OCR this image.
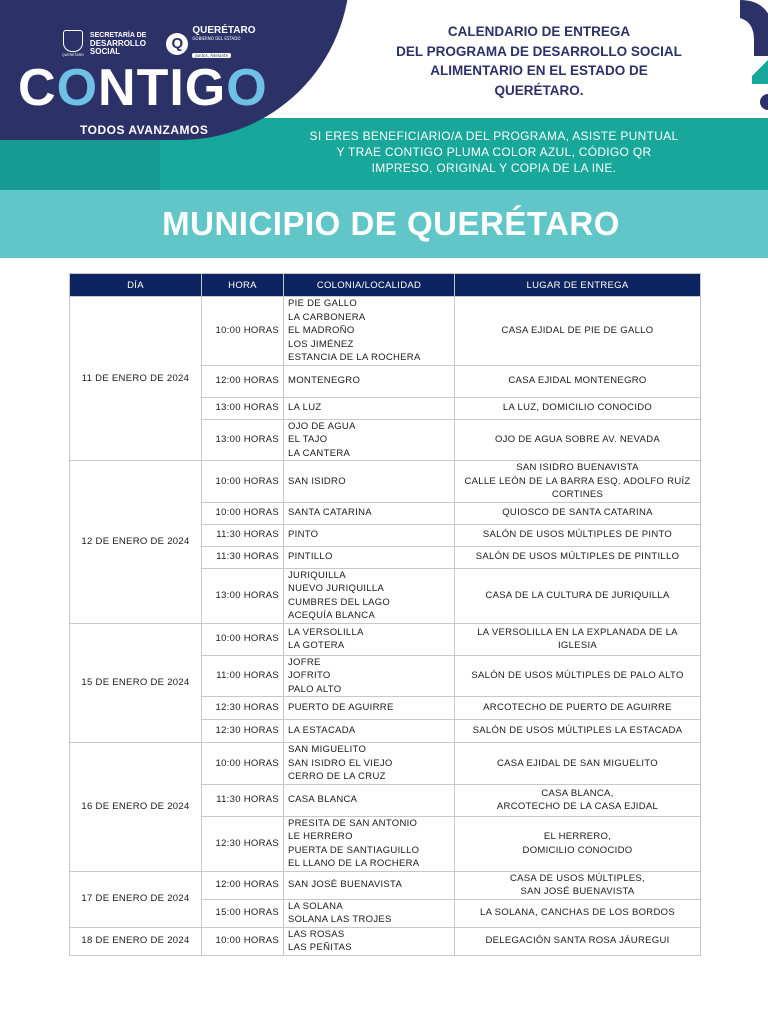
QUERÉTARO
SECRETARÍA DE
DESARROLLO
SOCIAL	Q
QUERÉTARO
GOBIERNO DEL ESTADO
Juntos, Adelante
CONTIGO
TODOS AVANZAMOS
CALENDARIO DE ENTREGA
DEL PROGRAMA DE DESARROLLO SOCIAL
ALIMENTARIO EN EL ESTADO DE
QUERÉTARO.
SI ERES BENEFICIARIO/A DEL PROGRAMA, ASISTE PUNTUAL
Y TRAE CONTIGO PLUMA COLOR AZUL, CÓDIGO QR
IMPRESO, ORIGINAL Y COPIA DE LA INE.
MUNICIPIO DE QUERÉTARO
DÍA	HORA	COLONIA/LOCALIDAD	LUGAR DE ENTREGA
11 DE ENERO DE 2024	10:00 HORAS	PIE DE GALLO
LA CARBONERA
EL MADROÑO
LOS JIMÉNEZ
ESTANCIA DE LA ROCHERA	CASA EJIDAL DE PIE DE GALLO

	12:00 HORAS	MONTENEGRO	CASA EJIDAL MONTENEGRO

	13:00 HORAS	LA LUZ	LA LUZ, DOMICILIO CONOCIDO

	13:00 HORAS	OJO DE AGUA
EL TAJO
LA CANTERA	OJO DE AGUA SOBRE AV. NEVADA

12 DE ENERO DE 2024	10:00 HORAS	SAN ISIDRO	SAN ISIDRO BUENAVISTA
CALLE LEÓN DE LA BARRA ESQ. ADOLFO RUÍZ
CORTINES

	10:00 HORAS	SANTA CATARINA	QUIOSCO DE SANTA CATARINA

	11:30 HORAS	PINTO	SALÓN DE USOS MÚLTIPLES DE PINTO

	11:30 HORAS	PINTILLO	SALÓN DE USOS MÚLTIPLES DE PINTILLO

	13:00 HORAS	JURIQUILLA
NUEVO JURIQUILLA
CUMBRES DEL LAGO
ACEQUÍA BLANCA	CASA DE LA CULTURA DE JURIQUILLA

15 DE ENERO DE 2024	10:00 HORAS	LA VERSOLILLA
LA GOTERA	LA VERSOLILLA EN LA EXPLANADA DE LA
IGLESIA

	11:00 HORAS	JOFRE
JOFRITO
PALO ALTO	SALÓN DE USOS MÚLTIPLES DE PALO ALTO

	12:30 HORAS	PUERTO DE AGUIRRE	ARCOTECHO DE PUERTO DE AGUIRRE

	12:30 HORAS	LA ESTACADA	SALÓN DE USOS MÚLTIPLES LA ESTACADA

16 DE ENERO DE 2024	10:00 HORAS	SAN MIGUELITO
SAN ISIDRO EL VIEJO
CERRO DE LA CRUZ	CASA EJIDAL DE SAN MIGUELITO

	11:30 HORAS	CASA BLANCA	CASA BLANCA,
ARCOTECHO DE LA CASA EJIDAL

	12:30 HORAS	PRESITA DE SAN ANTONIO
LE HERRERO
PUERTA DE SANTIAGUILLO
EL LLANO DE LA ROCHERA	EL HERRERO,
DOMICILIO CONOCIDO

17 DE ENERO DE 2024	12:00 HORAS	SAN JOSÉ BUENAVISTA	CASA DE USOS MÚLTIPLES,
SAN JOSÉ BUENAVISTA

	15:00 HORAS	LA SOLANA
SOLANA LAS TROJES	LA SOLANA, CANCHAS DE LOS BORDOS

18 DE ENERO DE 2024	10:00 HORAS	LAS ROSAS
LAS PEÑITAS	DELEGACIÓN SANTA ROSA JÁUREGUI
